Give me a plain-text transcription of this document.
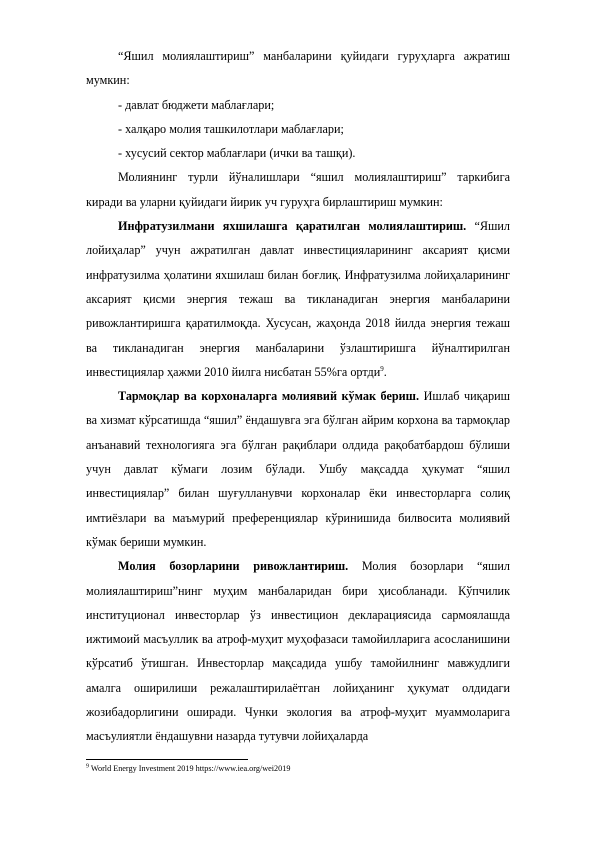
“Яшил молиялаштириш” манбаларини қуйидаги гуруҳларга ажратиш мумкин:

- давлат бюджети маблағлари;
- халқаро молия ташкилотлари маблағлари;
- хусусий сектор маблағлари (ички ва ташқи).

Молиянинг турли йўналишлари “яшил молиялаштириш” таркибига киради ва уларни қуйидаги йирик уч гуруҳга бирлаштириш мумкин:

Инфратузилмани яхшилашга қаратилган молиялаштириш. “Яшил лойиҳалар” учун ажратилган давлат инвестицияларининг аксарият қисми инфратузилма ҳолатини яхшилаш билан боғлиқ. Инфратузилма лойиҳаларининг аксарият қисми энергия тежаш ва тикланадиган энергия манбаларини ривожлантиришга қаратилмоқда. Хусусан, жаҳонда 2018 йилда энергия тежаш ва тикланадиган энергия манбаларини ўзлаштиришга йўналтирилган инвестициялар ҳажми 2010 йилга нисбатан 55%га ортди$^9$.

Тармоқлар ва корхоналарга молиявий кўмак бериш. Ишлаб чиқариш ва хизмат кўрсатишда “яшил” ёндашувга эга бўлган айрим корхона ва тармоқлар анъанавий технологияга эга бўлган рақиблари олдида рақобатбардош бўлиши учун давлат кўмаги лозим бўлади. Ушбу мақсадда ҳукумат “яшил инвестициялар” билан шуғулланувчи корхоналар ёки инвесторларга солиқ имтиёзлари ва маъмурий преференциялар кўринишида билвосита молиявий кўмак бериши мумкин.

Молия бозорларини ривожлантириш. Молия бозорлари “яшил молиялаштириш”нинг муҳим манбаларидан бири ҳисобланади. Кўпчилик институционал инвесторлар ўз инвестицион декларациясида сармоялашда ижтимоий масъуллик ва атроф-муҳит муҳофазаси тамойилларига асосланишини кўрсатиб ўтишган. Инвесторлар мақсадида ушбу тамойилнинг мавжудлиги амалга оширилиши режалаштирилаётган лойиҳанинг ҳукумат олдидаги жозибадорлигини оширади. Чунки экология ва атроф-муҳит муаммоларига масъулиятли ёндашувни назарда тутувчи лойиҳаларда

$^9$ World Energy Investment 2019 https://www.iea.org/wei2019
